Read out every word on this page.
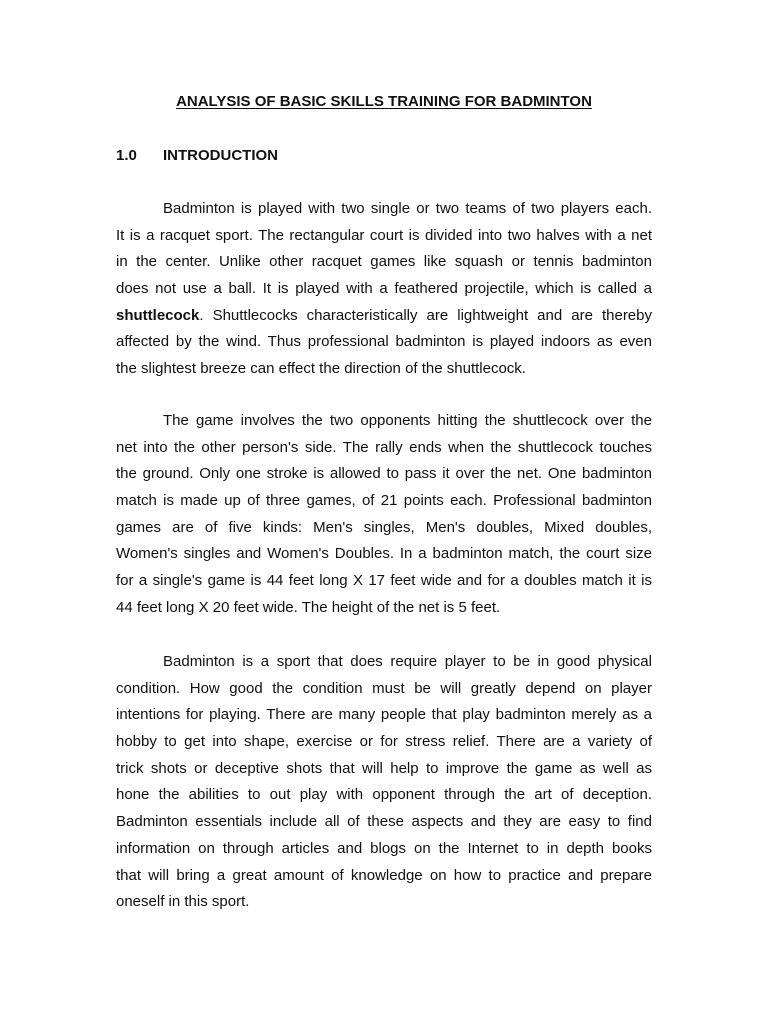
ANALYSIS OF BASIC SKILLS TRAINING FOR BADMINTON
1.0 INTRODUCTION
Badminton is played with two single or two teams of two players each.
It is a racquet sport. The rectangular court is divided into two halves with a net
in the center. Unlike other racquet games like squash or tennis badminton
does not use a ball. It is played with a feathered projectile, which is called a
shuttlecock. Shuttlecocks characteristically are lightweight and are thereby
affected by the wind. Thus professional badminton is played indoors as even
the slightest breeze can effect the direction of the shuttlecock.
The game involves the two opponents hitting the shuttlecock over the
net into the other person's side. The rally ends when the shuttlecock touches
the ground. Only one stroke is allowed to pass it over the net. One badminton
match is made up of three games, of 21 points each. Professional badminton
games are of five kinds: Men's singles, Men's doubles, Mixed doubles,
Women's singles and Women's Doubles. In a badminton match, the court size
for a single's game is 44 feet long X 17 feet wide and for a doubles match it is
44 feet long X 20 feet wide. The height of the net is 5 feet.
Badminton is a sport that does require player to be in good physical
condition. How good the condition must be will greatly depend on player
intentions for playing. There are many people that play badminton merely as a
hobby to get into shape, exercise or for stress relief. There are a variety of
trick shots or deceptive shots that will help to improve the game as well as
hone the abilities to out play with opponent through the art of deception.
Badminton essentials include all of these aspects and they are easy to find
information on through articles and blogs on the Internet to in depth books
that will bring a great amount of knowledge on how to practice and prepare
oneself in this sport.
